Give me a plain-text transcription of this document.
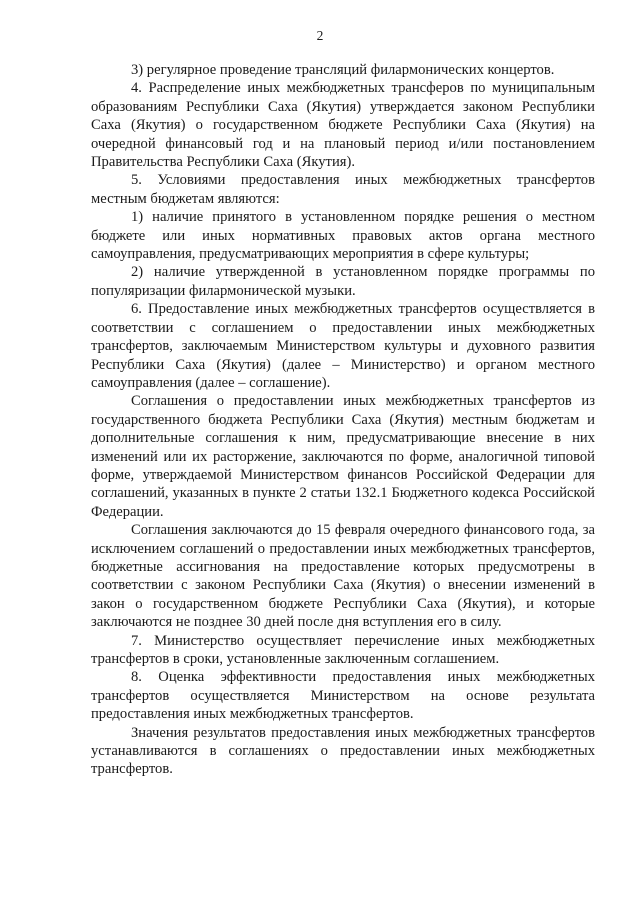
2

3) регулярное проведение трансляций филармонических концертов.

4. Распределение иных межбюджетных трансферов по муниципальным образованиям Республики Саха (Якутия) утверждается законом Республики Саха (Якутия) о государственном бюджете Республики Саха (Якутия) на очередной финансовый год и на плановый период и/или постановлением Правительства Республики Саха (Якутия).

5. Условиями предоставления иных межбюджетных трансфертов местным бюджетам являются:

1) наличие принятого в установленном порядке решения о местном бюджете или иных нормативных правовых актов органа местного самоуправления, предусматривающих мероприятия в сфере культуры;

2) наличие утвержденной в установленном порядке программы по популяризации филармонической музыки.

6. Предоставление иных межбюджетных трансфертов осуществляется в соответствии с соглашением о предоставлении иных межбюджетных трансфертов, заключаемым Министерством культуры и духовного развития Республики Саха (Якутия) (далее – Министерство) и органом местного самоуправления (далее – соглашение).

Соглашения о предоставлении иных межбюджетных трансфертов из государственного бюджета Республики Саха (Якутия) местным бюджетам и дополнительные соглашения к ним, предусматривающие внесение в них изменений или их расторжение, заключаются по форме, аналогичной типовой форме, утверждаемой Министерством финансов Российской Федерации для соглашений, указанных в пункте 2 статьи 132.1 Бюджетного кодекса Российской Федерации.

Соглашения заключаются до 15 февраля очередного финансового года, за исключением соглашений о предоставлении иных межбюджетных трансфертов, бюджетные ассигнования на предоставление которых предусмотрены в соответствии с законом Республики Саха (Якутия) о внесении изменений в закон о государственном бюджете Республики Саха (Якутия), и которые заключаются не позднее 30 дней после дня вступления его в силу.

7. Министерство осуществляет перечисление иных межбюджетных трансфертов в сроки, установленные заключенным соглашением.

8. Оценка эффективности предоставления иных межбюджетных трансфертов осуществляется Министерством на основе результата предоставления иных межбюджетных трансфертов.

Значения результатов предоставления иных межбюджетных трансфертов устанавливаются в соглашениях о предоставлении иных межбюджетных трансфертов.
